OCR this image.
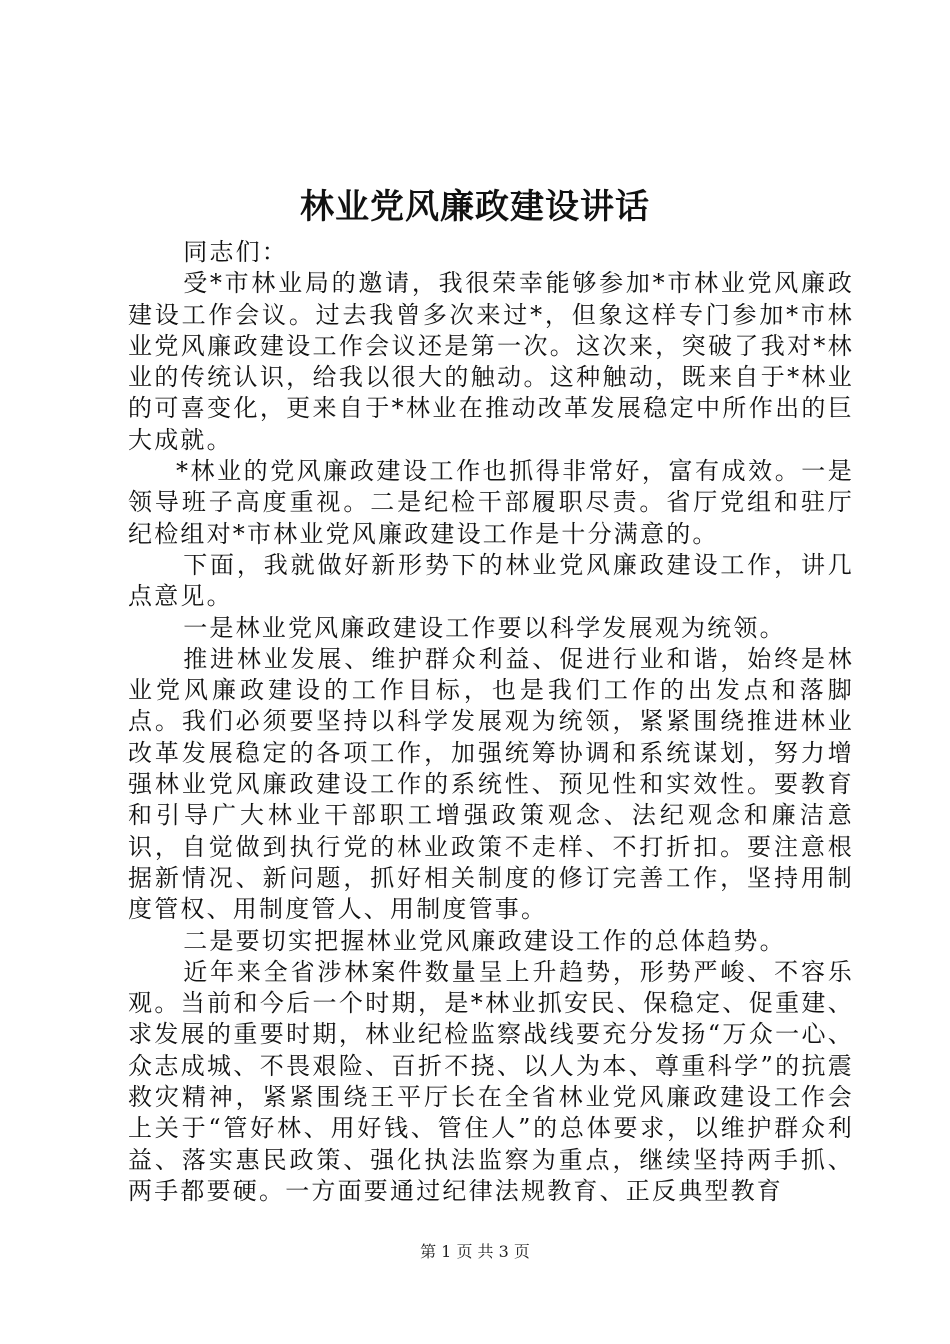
林业党风廉政建设讲话

同志们：

受*市林业局的邀请，我很荣幸能够参加*市林业党风廉政建设工作会议。过去我曾多次来过*，但象这样专门参加*市林业党风廉政建设工作会议还是第一次。这次来，突破了我对*林业的传统认识，给我以很大的触动。这种触动，既来自于*林业的可喜变化，更来自于*林业在推动改革发展稳定中所作出的巨大成就。

*林业的党风廉政建设工作也抓得非常好，富有成效。一是领导班子高度重视。二是纪检干部履职尽责。省厅党组和驻厅纪检组对*市林业党风廉政建设工作是十分满意的。

下面，我就做好新形势下的林业党风廉政建设工作，讲几点意见。

一是林业党风廉政建设工作要以科学发展观为统领。

推进林业发展、维护群众利益、促进行业和谐，始终是林业党风廉政建设的工作目标，也是我们工作的出发点和落脚点。我们必须要坚持以科学发展观为统领，紧紧围绕推进林业改革发展稳定的各项工作，加强统筹协调和系统谋划，努力增强林业党风廉政建设工作的系统性、预见性和实效性。要教育和引导广大林业干部职工增强政策观念、法纪观念和廉洁意识，自觉做到执行党的林业政策不走样、不打折扣。要注意根据新情况、新问题，抓好相关制度的修订完善工作，坚持用制度管权、用制度管人、用制度管事。

二是要切实把握林业党风廉政建设工作的总体趋势。

近年来全省涉林案件数量呈上升趋势，形势严峻、不容乐观。当前和今后一个时期，是*林业抓安民、保稳定、促重建、求发展的重要时期，林业纪检监察战线要充分发扬“万众一心、众志成城、不畏艰险、百折不挠、以人为本、尊重科学”的抗震救灾精神，紧紧围绕王平厅长在全省林业党风廉政建设工作会上关于“管好林、用好钱、管住人”的总体要求，以维护群众利益、落实惠民政策、强化执法监察为重点，继续坚持两手抓、两手都要硬。一方面要通过纪律法规教育、正反典型教育

第 1 页 共 3 页
